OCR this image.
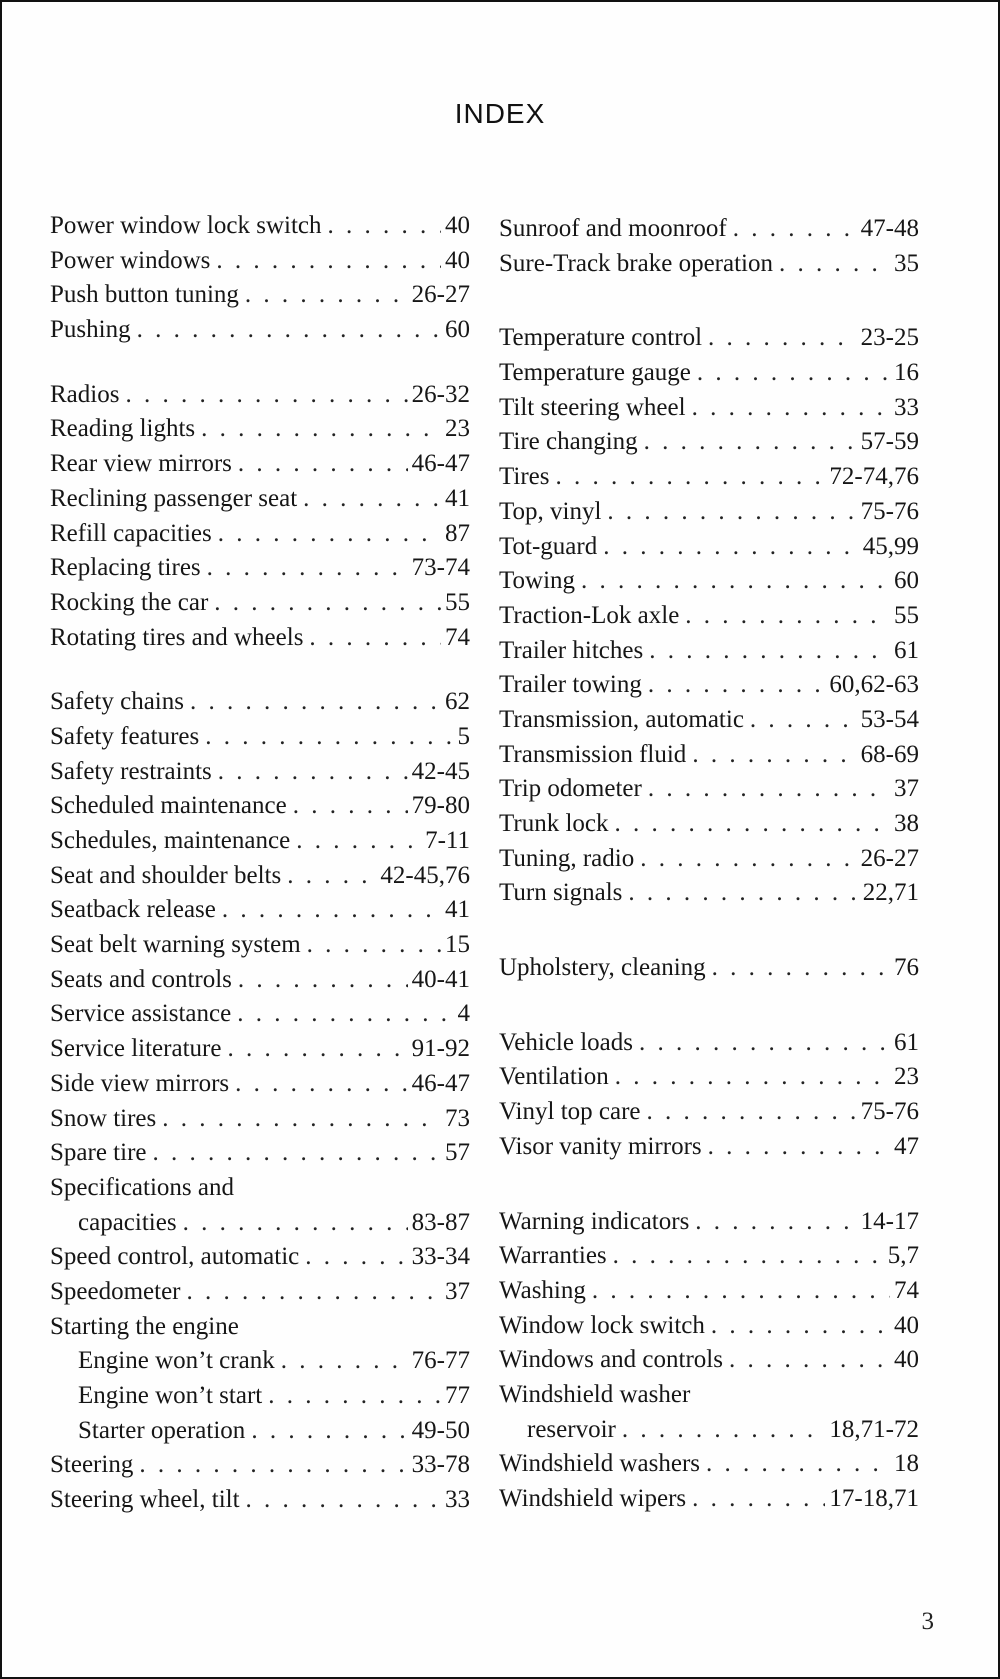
INDEX
Power window lock switch . . .	40
Power windows . . .	40
Push button tuning . . .	26-27
Pushing . . .	60
Radios . . .	26-32
Reading lights . . .	23
Rear view mirrors . . .	46-47
Reclining passenger seat . . .	41
Refill capacities . . .	87
Replacing tires . . .	73-74
Rocking the car . . .	55
Rotating tires and wheels . . .	74
Safety chains . . .	62
Safety features . . .	5
Safety restraints . . .	42-45
Scheduled maintenance . . .	79-80
Schedules, maintenance . . .	7-11
Seat and shoulder belts . . .	42-45,76
Seatback release . . .	41
Seat belt warning system . . .	15
Seats and controls . . .	40-41
Service assistance . . .	4
Service literature . . .	91-92
Side view mirrors . . .	46-47
Snow tires . . .	73
Spare tire . . .	57
Specifications and
capacities . . .	83-87
Speed control, automatic . . .	33-34
Speedometer . . .	37
Starting the engine
Engine won’t crank . . .	76-77
Engine won’t start . . .	77
Starter operation . . .	49-50
Steering . . .	33-78
Steering wheel, tilt . . .	33
Sunroof and moonroof . . .	47-48
Sure-Track brake operation . . .	35
Temperature control . . .	23-25
Temperature gauge . . .	16
Tilt steering wheel . . .	33
Tire changing . . .	57-59
Tires . . .	72-74,76
Top, vinyl . . .	75-76
Tot-guard . . .	45,99
Towing . . .	60
Traction-Lok axle . . .	55
Trailer hitches . . .	61
Trailer towing . . .	60,62-63
Transmission, automatic . . .	53-54
Transmission fluid . . .	68-69
Trip odometer . . .	37
Trunk lock . . .	38
Tuning, radio . . .	26-27
Turn signals . . .	22,71
Upholstery, cleaning . . .	76
Vehicle loads . . .	61
Ventilation . . .	23
Vinyl top care . . .	75-76
Visor vanity mirrors . . .	47
Warning indicators . . .	14-17
Warranties . . .	5,7
Washing . . .	74
Window lock switch . . .	40
Windows and controls . . .	40
Windshield washer
reservoir . . .	18,71-72
Windshield washers . . .	18
Windshield wipers . . .	17-18,71
3
